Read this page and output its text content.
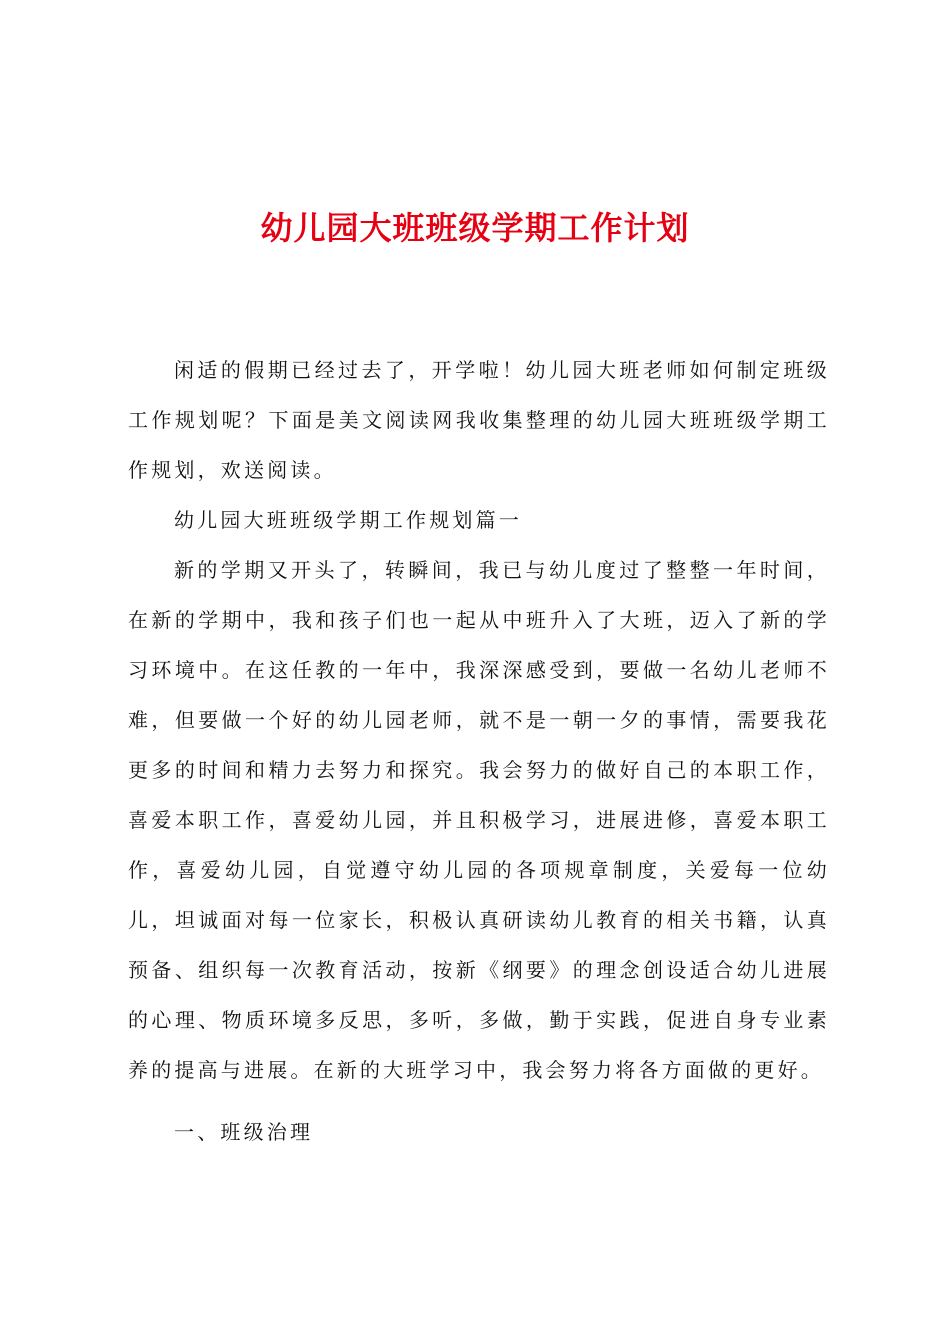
幼儿园大班班级学期工作计划

闲适的假期已经过去了，开学啦！幼儿园大班老师如何制定班级工作规划呢？下面是美文阅读网我收集整理的幼儿园大班班级学期工作规划，欢送阅读。

幼儿园大班班级学期工作规划篇一

新的学期又开头了，转瞬间，我已与幼儿度过了整整一年时间，在新的学期中，我和孩子们也一起从中班升入了大班，迈入了新的学习环境中。在这任教的一年中，我深深感受到，要做一名幼儿老师不难，但要做一个好的幼儿园老师，就不是一朝一夕的事情，需要我花更多的时间和精力去努力和探究。我会努力的做好自己的本职工作，喜爱本职工作，喜爱幼儿园，并且积极学习，进展进修，喜爱本职工作，喜爱幼儿园，自觉遵守幼儿园的各项规章制度，关爱每一位幼儿，坦诚面对每一位家长，积极认真研读幼儿教育的相关书籍，认真预备、组织每一次教育活动，按新《纲要》的理念创设适合幼儿进展的心理、物质环境多反思，多听，多做，勤于实践，促进自身专业素养的提高与进展。在新的大班学习中，我会努力将各方面做的更好。

一、班级治理
